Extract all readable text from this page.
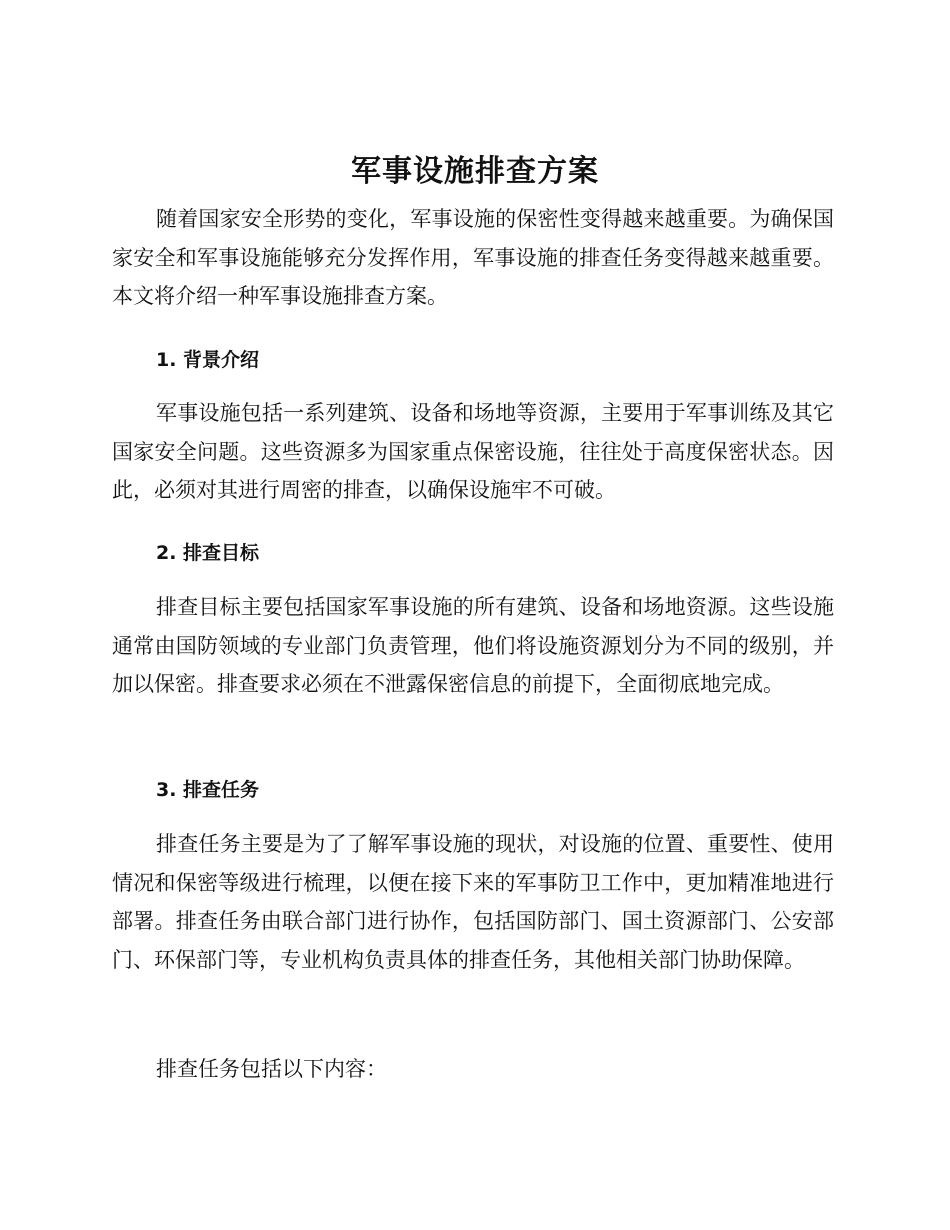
军事设施排查方案

随着国家安全形势的变化，军事设施的保密性变得越来越重要。为确保国家安全和军事设施能够充分发挥作用，军事设施的排查任务变得越来越重要。本文将介绍一种军事设施排查方案。

1. 背景介绍

军事设施包括一系列建筑、设备和场地等资源，主要用于军事训练及其它国家安全问题。这些资源多为国家重点保密设施，往往处于高度保密状态。因此，必须对其进行周密的排查，以确保设施牢不可破。

2. 排查目标

排查目标主要包括国家军事设施的所有建筑、设备和场地资源。这些设施通常由国防领域的专业部门负责管理，他们将设施资源划分为不同的级别，并加以保密。排查要求必须在不泄露保密信息的前提下，全面彻底地完成。

3. 排查任务

排查任务主要是为了了解军事设施的现状，对设施的位置、重要性、使用情况和保密等级进行梳理，以便在接下来的军事防卫工作中，更加精准地进行部署。排查任务由联合部门进行协作，包括国防部门、国土资源部门、公安部门、环保部门等，专业机构负责具体的排查任务，其他相关部门协助保障。

排查任务包括以下内容：
